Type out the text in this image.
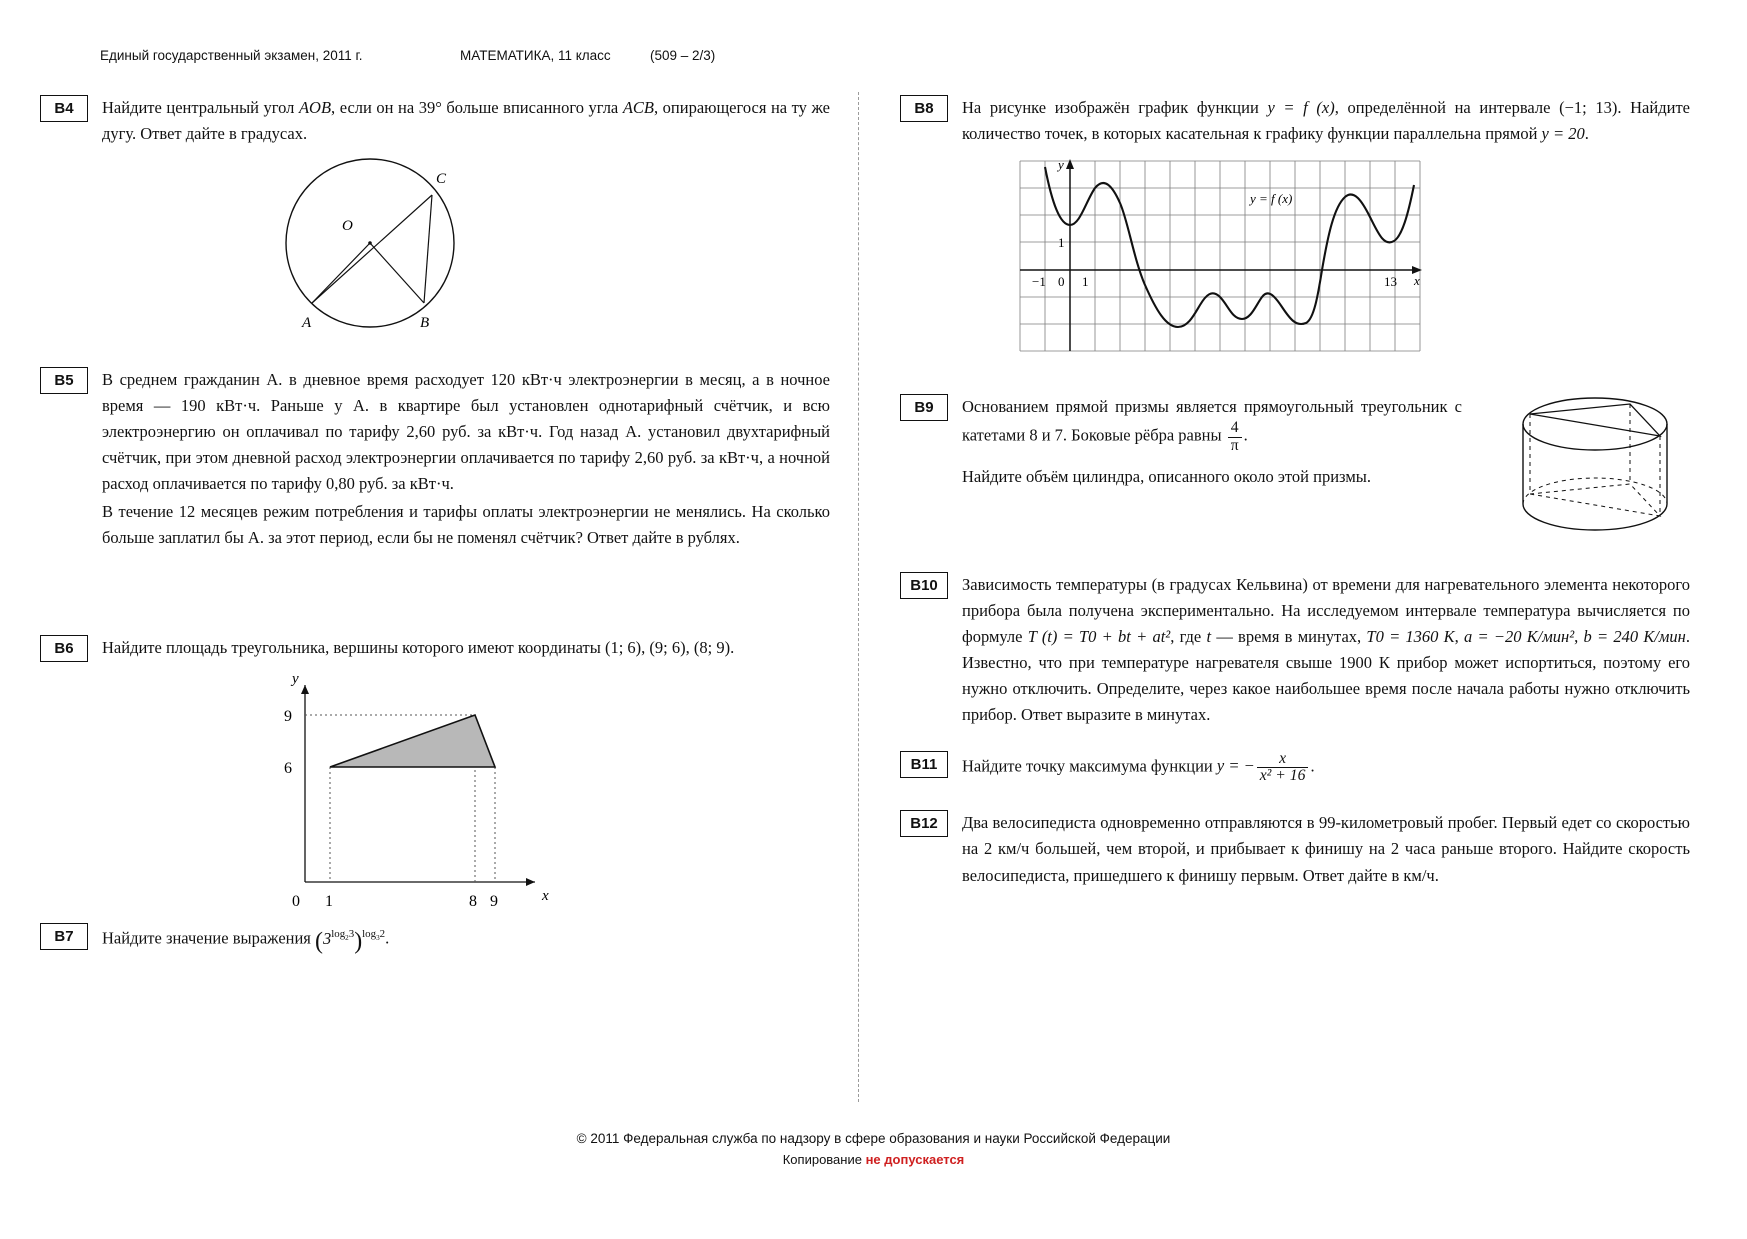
Единый государственный экзамен, 2011 г.	МАТЕМАТИКА, 11 класс	(509 – 2/3)
B4	Найдите центральный угол AOB, если он на 39° больше вписанного угла ACB, опирающегося на ту же дугу. Ответ дайте в градусах.

O
A	B
C
B5	В среднем гражданин А. в дневное время расходует 120 кВт·ч электроэнергии в месяц, а в ночное время — 190 кВт·ч. Раньше у А. в квартире был установлен однотарифный счётчик, и всю электроэнергию он оплачивал по тарифу 2,60 руб. за кВт·ч. Год назад А. установил двухтарифный счётчик, при этом дневной расход электроэнергии оплачивается по тарифу 2,60 руб. за кВт·ч, а ночной расход оплачивается по тарифу 0,80 руб. за кВт·ч.

В течение 12 месяцев режим потребления и тарифы оплаты электроэнергии не менялись. На сколько больше заплатил бы А. за этот период, если бы не поменял счётчик? Ответ дайте в рублях.

B6	Найдите площадь треугольника, вершины которого имеют координаты (1; 6), (9; 6), (8; 9).

y
x
9
6
0 1	8 9
B7	Найдите значение выражения $(3^{log_23})^{log_32}$.

B8	На рисунке изображён график функции y = f (x), определённой на интервале (−1; 13). Найдите количество точек, в которых касательная к графику функции параллельна прямой y = 20.

y
x
−1 0 1	13
1
y = f (x)
B9	Основанием прямой призмы является прямоугольный треугольник с катетами 8 и 7. Боковые рёбра равны $\frac{4}{\pi}$ .

Найдите объём цилиндра, описанного около этой призмы.

B10	Зависимость температуры (в градусах Кельвина) от времени для нагревательного элемента некоторого прибора была получена экспериментально. На исследуемом интервале температура вычисляется по формуле T (t) = T0 + bt + at², где t — время в минутах, T0 = 1360 К, a = −20 К/мин², b = 240 К/мин. Известно, что при температуре нагревателя свыше 1900 К прибор может испортиться, поэтому его нужно отключить. Определите, через какое наибольшее время после начала работы нужно отключить прибор. Ответ выразите в минутах.

B11	Найдите точку максимума функции y = − $\frac{x}{\text{x² + 16}}$ .

B12	Два велосипедиста одновременно отправляются в 99-километровый пробег. Первый едет со скоростью на 2 км/ч большей, чем второй, и прибывает к финишу на 2 часа раньше второго. Найдите скорость велосипедиста, пришедшего к финишу первым. Ответ дайте в км/ч.
© 2011 Федеральная служба по надзору в сфере образования и науки Российской Федерации
Копирование не допускается
